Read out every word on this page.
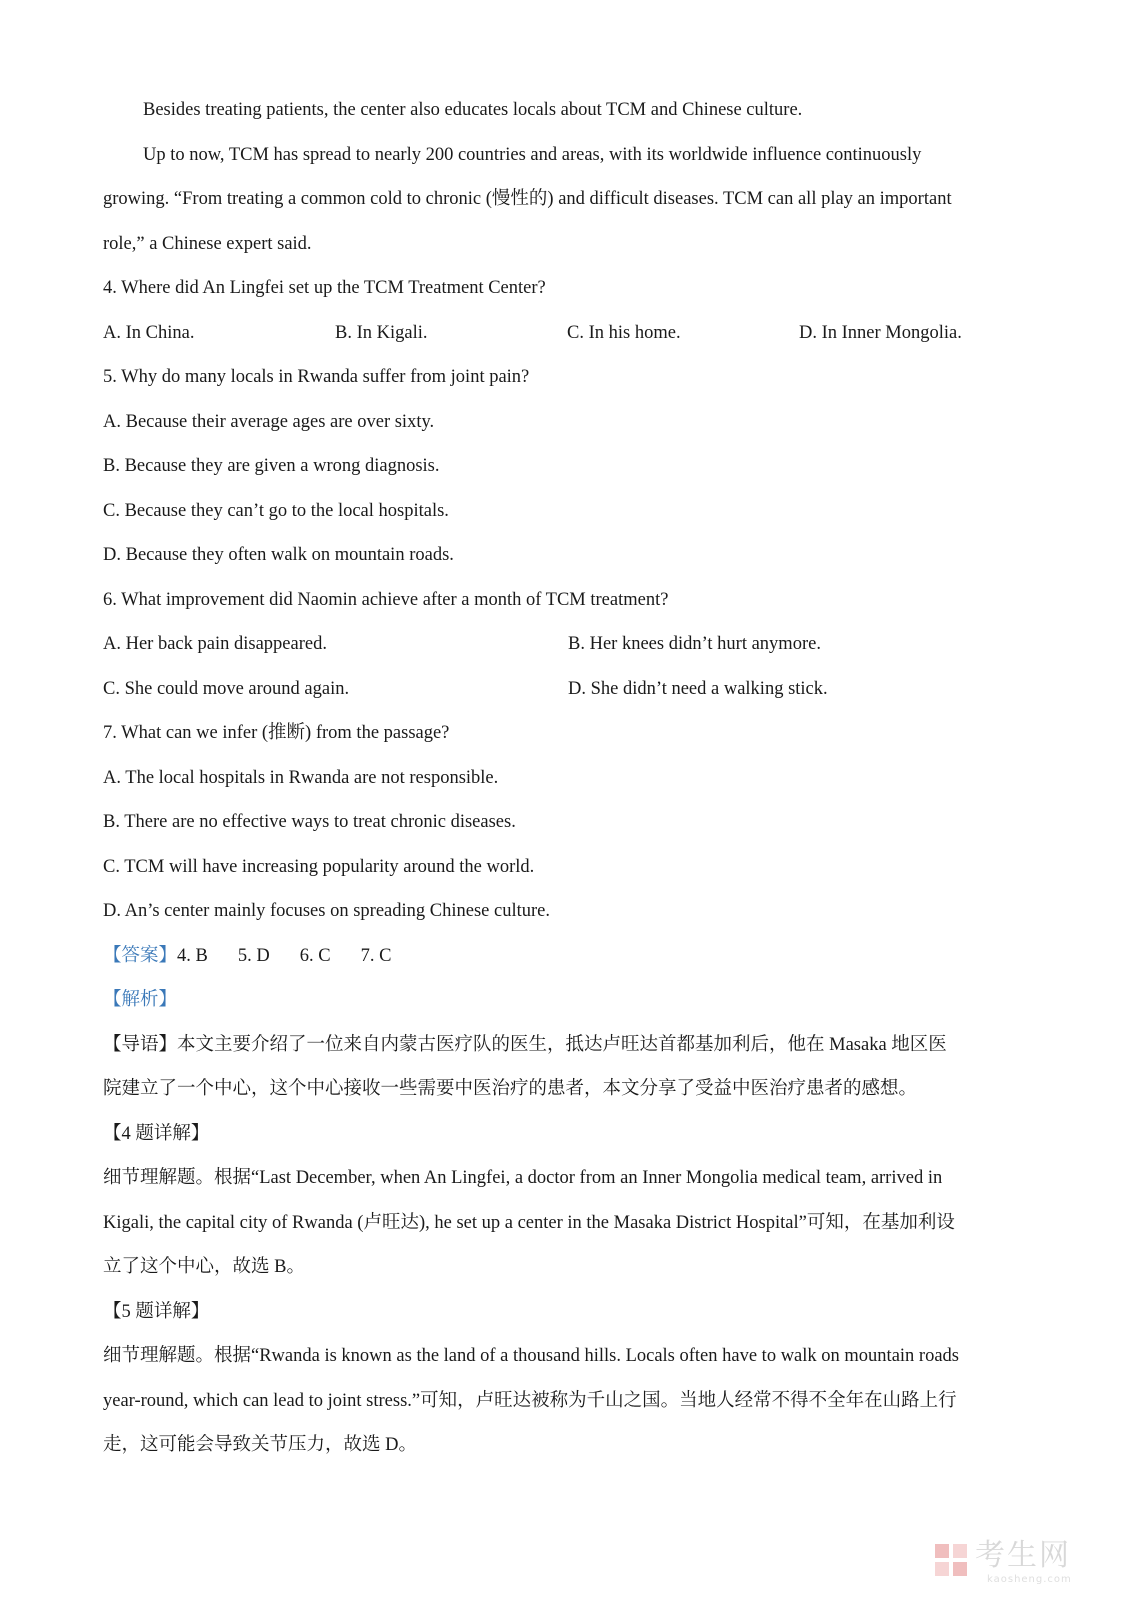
Besides treating patients, the center also educates locals about TCM and Chinese culture.
Up to now, TCM has spread to nearly 200 countries and areas, with its worldwide influence continuously
growing. “From treating a common cold to chronic (慢性的) and difficult diseases. TCM can all play an important
role,” a Chinese expert said.
4. Where did An Lingfei set up the TCM Treatment Center?
A. In China.	B. In Kigali.	C. In his home.	D. In Inner Mongolia.
5. Why do many locals in Rwanda suffer from joint pain?
A. Because their average ages are over sixty.
B. Because they are given a wrong diagnosis.
C. Because they can’t go to the local hospitals.
D. Because they often walk on mountain roads.
6. What improvement did Naomin achieve after a month of TCM treatment?
A. Her back pain disappeared.	B. Her knees didn’t hurt anymore.
C. She could move around again.	D. She didn’t need a walking stick.
7. What can we infer (推断) from the passage?
A. The local hospitals in Rwanda are not responsible.
B. There are no effective ways to treat chronic diseases.
C. TCM will have increasing popularity around the world.
D. An’s center mainly focuses on spreading Chinese culture.
【答案】4. B 5. D 6. C 7. C
【解析】
【导语】本文主要介绍了一位来自内蒙古医疗队的医生，抵达卢旺达首都基加利后，他在 Masaka 地区医
院建立了一个中心，这个中心接收一些需要中医治疗的患者，本文分享了受益中医治疗患者的感想。
【4 题详解】
细节理解题。根据“Last December, when An Lingfei, a doctor from an Inner Mongolia medical team, arrived in
Kigali, the capital city of Rwanda (卢旺达), he set up a center in the Masaka District Hospital”可知，在基加利设
立了这个中心，故选 B。
【5 题详解】
细节理解题。根据“Rwanda is known as the land of a thousand hills. Locals often have to walk on mountain roads
year-round, which can lead to joint stress.”可知，卢旺达被称为千山之国。当地人经常不得不全年在山路上行
走，这可能会导致关节压力，故选 D。
考生网
kaosheng.com
